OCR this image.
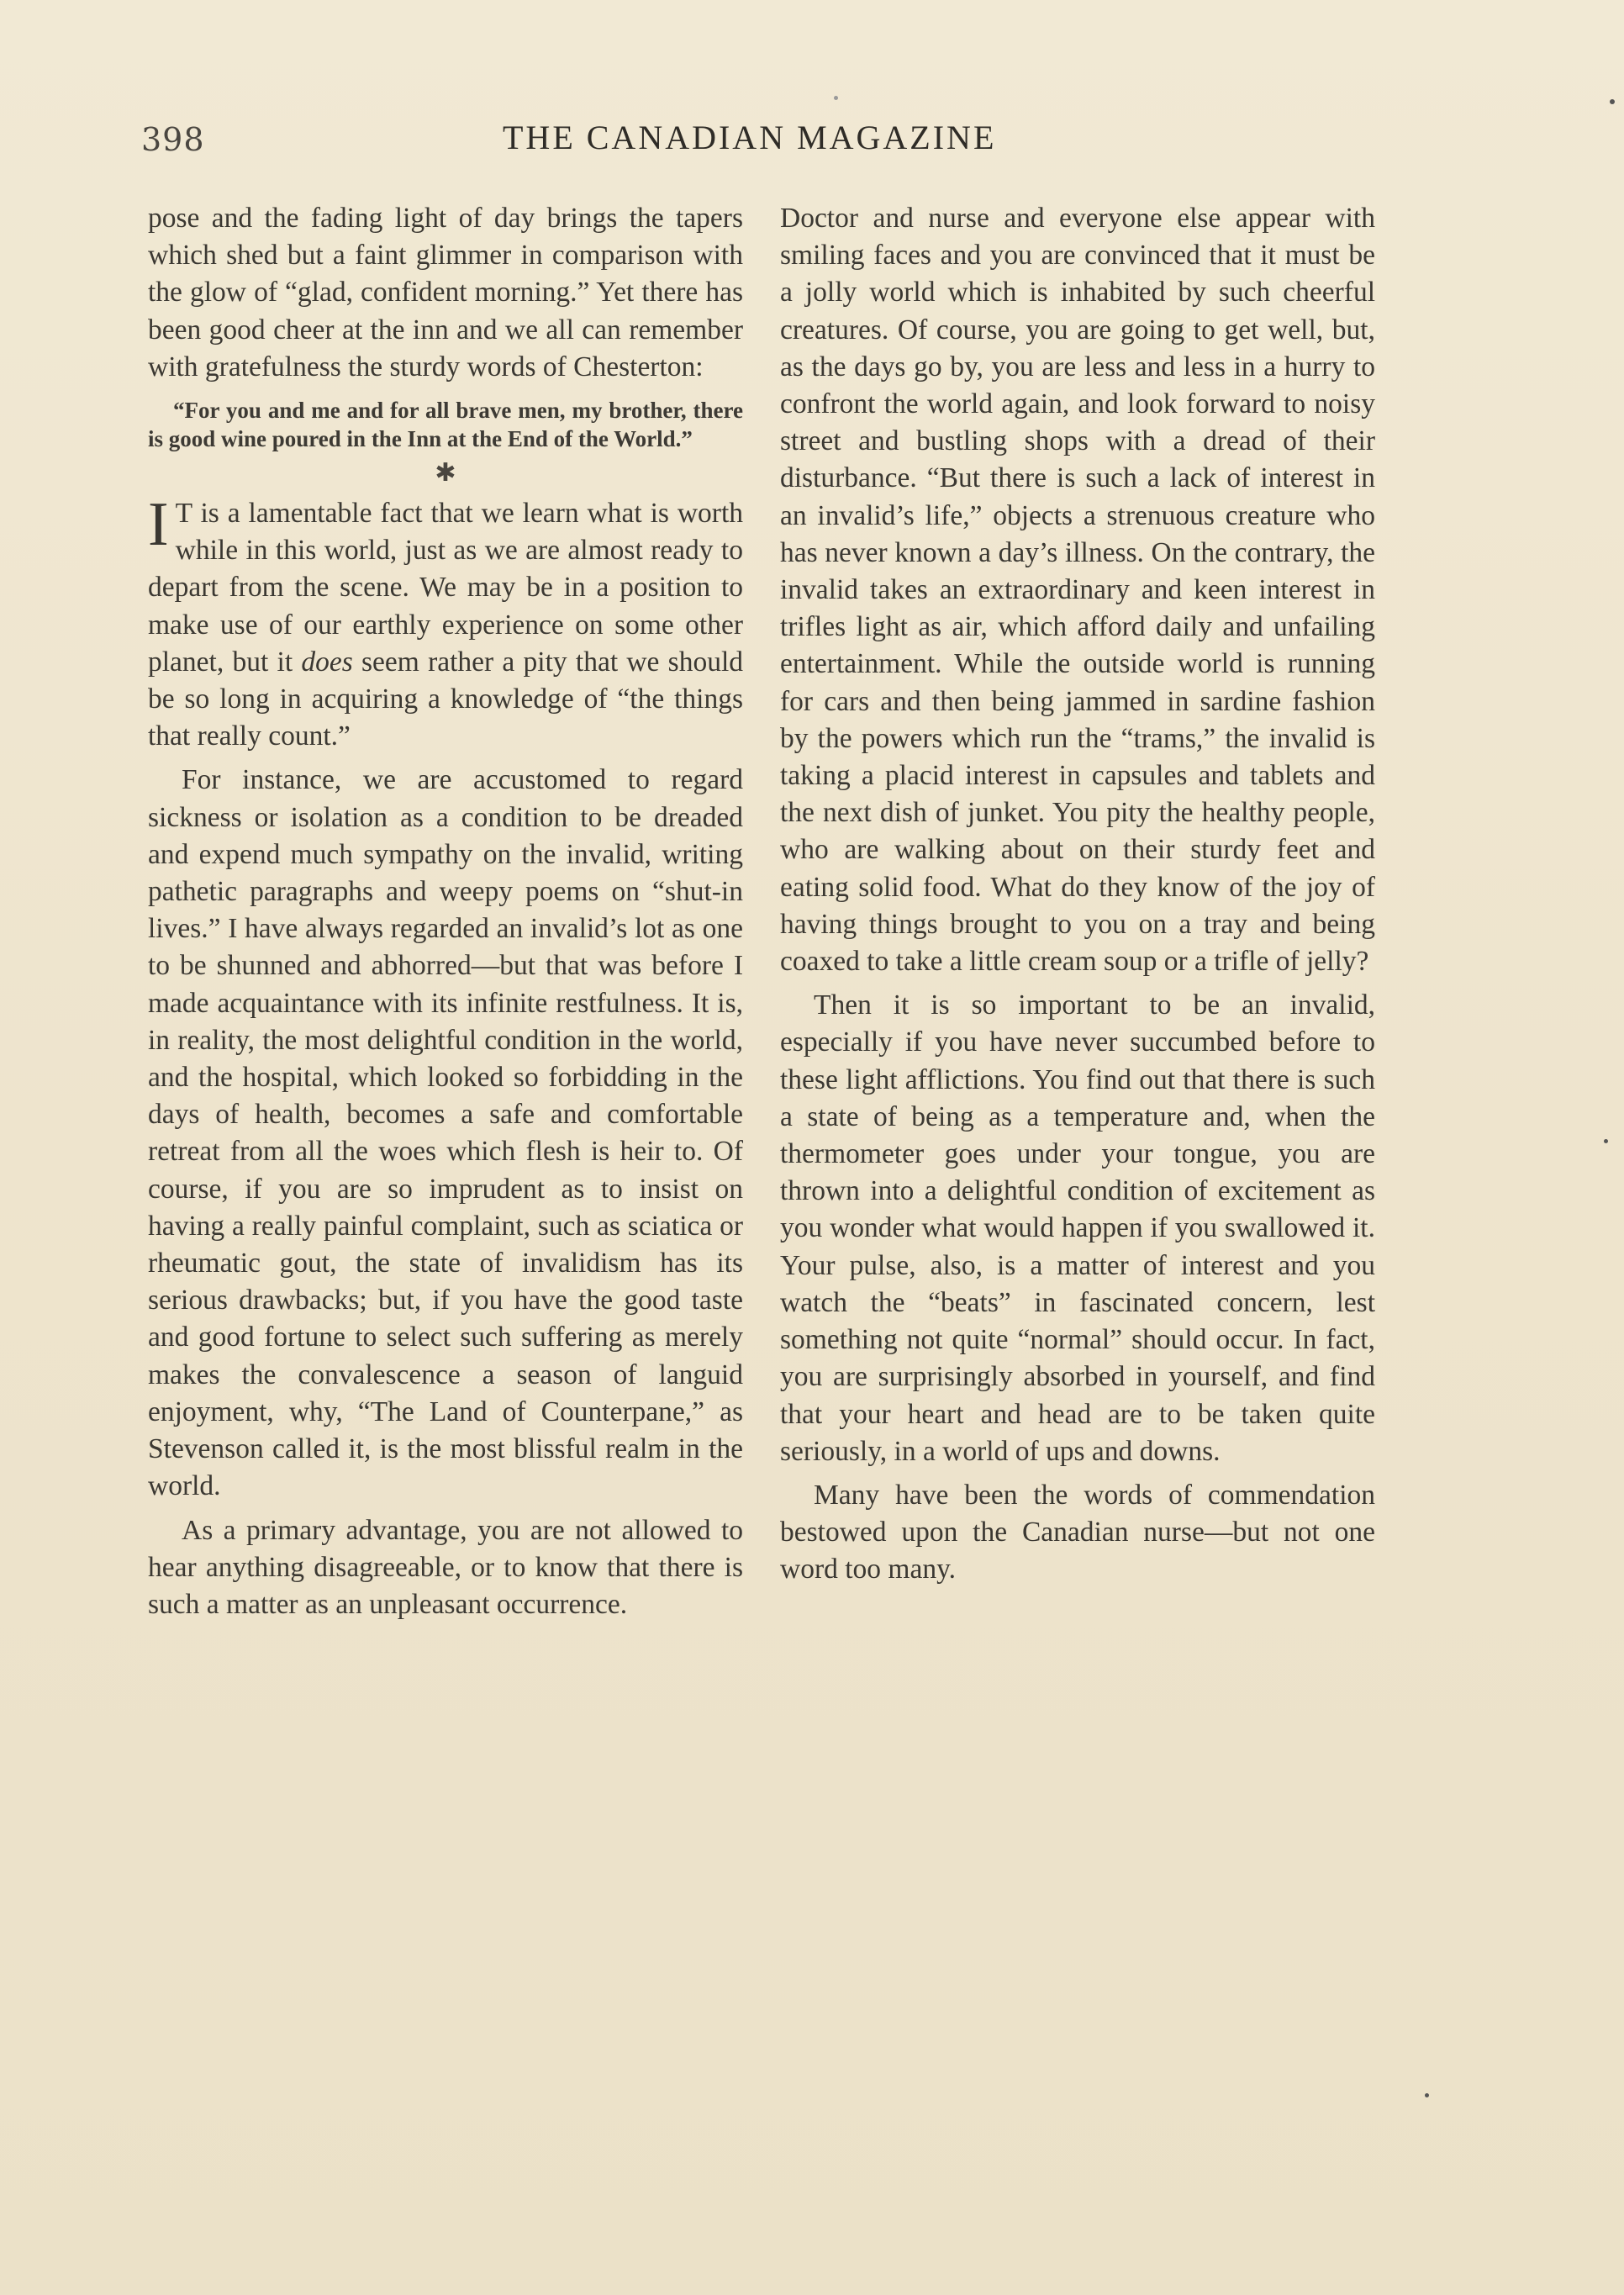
398	THE CANADIAN MAGAZINE

pose and the fading light of day brings the tapers which shed but a faint glimmer in comparison with the glow of “glad, confident morning.” Yet there has been good cheer at the inn and we all can remember with gratefulness the sturdy words of Chesterton:

“For you and me and for all brave men, my brother, there is good wine poured in the Inn at the End of the World.”

✱

I T is a lamentable fact that we learn what is worth while in this world, just as we are almost ready to depart from the scene. We may be in a position to make use of our earthly experience on some other planet, but it does seem rather a pity that we should be so long in acquiring a knowledge of “the things that really count.”

For instance, we are accustomed to regard sickness or isolation as a condition to be dreaded and expend much sympathy on the invalid, writing pathetic paragraphs and weepy poems on “shut-in lives.” I have always regarded an invalid’s lot as one to be shunned and abhorred—but that was before I made acquaintance with its infinite restfulness. It is, in reality, the most delightful condition in the world, and the hospital, which looked so forbidding in the days of health, becomes a safe and comfortable retreat from all the woes which flesh is heir to. Of course, if you are so imprudent as to insist on having a really painful complaint, such as sciatica or rheumatic gout, the state of invalidism has its serious drawbacks; but, if you have the good taste and good fortune to select such suffering as merely makes the convalescence a season of languid enjoyment, why, “The Land of Counterpane,” as Stevenson called it, is the most blissful realm in the world.

As a primary advantage, you are not allowed to hear anything disagreeable, or to know that there is such a matter as an unpleasant occurrence.

Doctor and nurse and everyone else appear with smiling faces and you are convinced that it must be a jolly world which is inhabited by such cheerful creatures. Of course, you are going to get well, but, as the days go by, you are less and less in a hurry to confront the world again, and look forward to noisy street and bustling shops with a dread of their disturbance. “But there is such a lack of interest in an invalid’s life,” objects a strenuous creature who has never known a day’s illness. On the contrary, the invalid takes an extraordinary and keen interest in trifles light as air, which afford daily and unfailing entertainment. While the outside world is running for cars and then being jammed in sardine fashion by the powers which run the “trams,” the invalid is taking a placid interest in capsules and tablets and the next dish of junket. You pity the healthy people, who are walking about on their sturdy feet and eating solid food. What do they know of the joy of having things brought to you on a tray and being coaxed to take a little cream soup or a trifle of jelly?

Then it is so important to be an invalid, especially if you have never succumbed before to these light afflictions. You find out that there is such a state of being as a temperature and, when the thermometer goes under your tongue, you are thrown into a delightful condition of excitement as you wonder what would happen if you swallowed it. Your pulse, also, is a matter of interest and you watch the “beats” in fascinated concern, lest something not quite “normal” should occur. In fact, you are surprisingly absorbed in yourself, and find that your heart and head are to be taken quite seriously, in a world of ups and downs.

Many have been the words of commendation bestowed upon the Canadian nurse—but not one word too many.
